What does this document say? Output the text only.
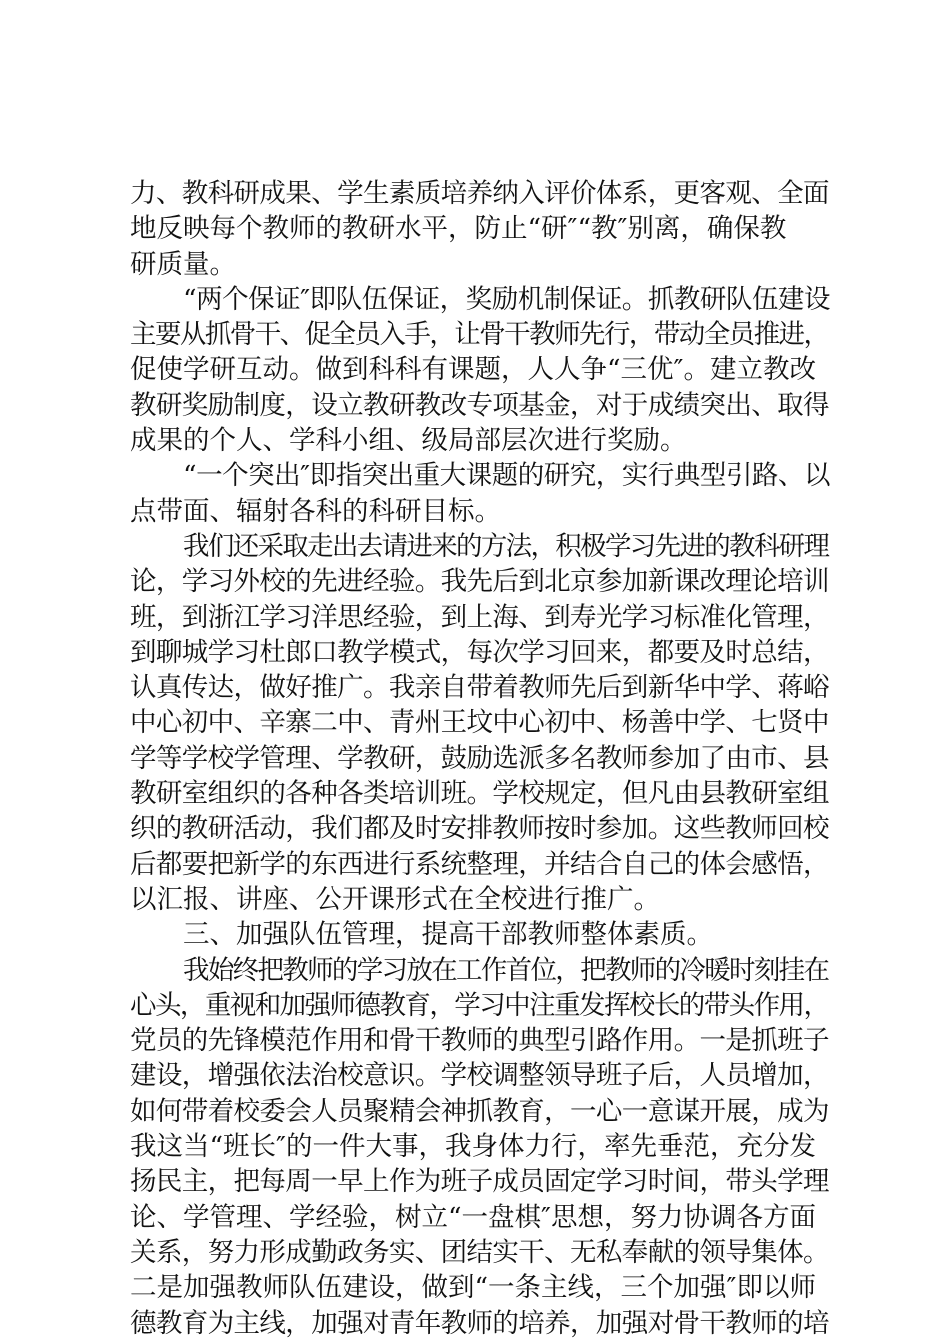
力、教科研成果、学生素质培养纳入评价体系，更客观、全面
地反映每个教师的教研水平，防止“研″“教″别离，确保教
研质量。
“两个保证″即队伍保证，奖励机制保证。抓教研队伍建设
主要从抓骨干、促全员入手，让骨干教师先行，带动全员推进，
促使学研互动。做到科科有课题，人人争“三优″。建立教改
教研奖励制度，设立教研教改专项基金，对于成绩突出、取得
成果的个人、学科小组、级局部层次进行奖励。
“一个突出″即指突出重大课题的研究，实行典型引路、以
点带面、辐射各科的科研目标。
我们还采取走出去请进来的方法，积极学习先进的教科研理
论，学习外校的先进经验。我先后到北京参加新课改理论培训
班，到浙江学习洋思经验，到上海、到寿光学习标准化管理，
到聊城学习杜郎口教学模式，每次学习回来，都要及时总结，
认真传达，做好推广。我亲自带着教师先后到新华中学、蒋峪
中心初中、辛寨二中、青州王坟中心初中、杨善中学、七贤中
学等学校学管理、学教研，鼓励选派多名教师参加了由市、县
教研室组织的各种各类培训班。学校规定，但凡由县教研室组
织的教研活动，我们都及时安排教师按时参加。这些教师回校
后都要把新学的东西进行系统整理，并结合自己的体会感悟，
以汇报、讲座、公开课形式在全校进行推广。
三、加强队伍管理，提高干部教师整体素质。
我始终把教师的学习放在工作首位，把教师的冷暖时刻挂在
心头，重视和加强师德教育，学习中注重发挥校长的带头作用，
党员的先锋模范作用和骨干教师的典型引路作用。一是抓班子
建设，增强依法治校意识。学校调整领导班子后，人员增加，
如何带着校委会人员聚精会神抓教育，一心一意谋开展，成为
我这当“班长″的一件大事，我身体力行，率先垂范，充分发
扬民主，把每周一早上作为班子成员固定学习时间，带头学理
论、学管理、学经验，树立“一盘棋″思想，努力协调各方面
关系，努力形成勤政务实、团结实干、无私奉献的领导集体。
二是加强教师队伍建设，做到“一条主线，三个加强″即以师
德教育为主线，加强对青年教师的培养，加强对骨干教师的培
